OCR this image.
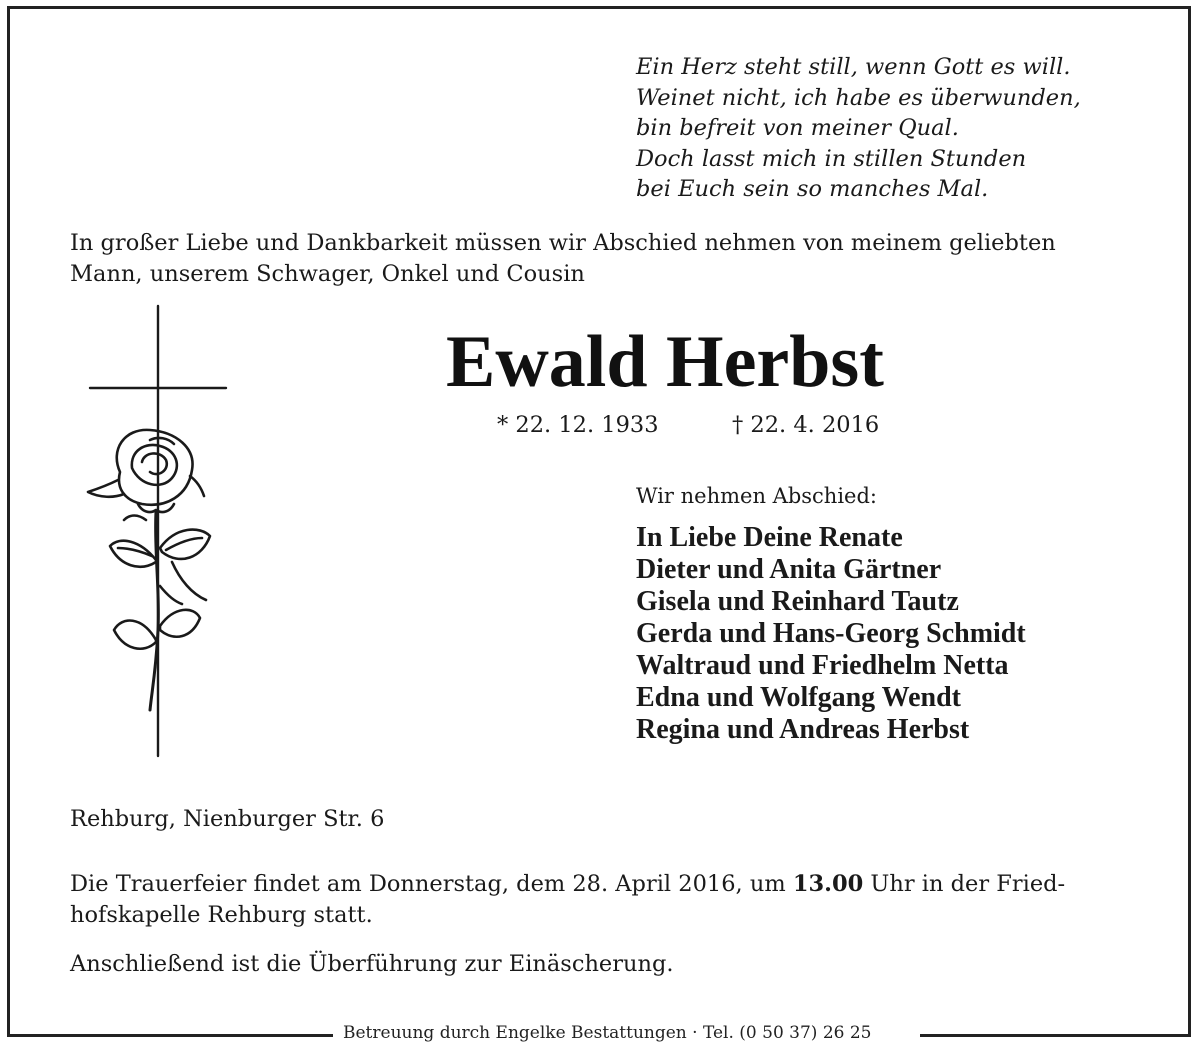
Ein Herz steht still, wenn Gott es will.
Weinet nicht, ich habe es überwunden,
bin befreit von meiner Qual.
Doch lasst mich in stillen Stunden
bei Euch sein so manches Mal.
In großer Liebe und Dankbarkeit müssen wir Abschied nehmen von meinem geliebten
Mann, unserem Schwager, Onkel und Cousin
Ewald Herbst
* 22. 12. 1933	† 22. 4. 2016
Wir nehmen Abschied:
In Liebe Deine Renate
Dieter und Anita Gärtner
Gisela und Reinhard Tautz
Gerda und Hans-Georg Schmidt
Waltraud und Friedhelm Netta
Edna und Wolfgang Wendt
Regina und Andreas Herbst
Rehburg, Nienburger Str. 6
Die Trauerfeier findet am Donnerstag, dem 28. April 2016, um 13.00 Uhr in der Fried-
hofskapelle Rehburg statt.
Anschließend ist die Überführung zur Einäscherung.
Betreuung durch Engelke Bestattungen · Tel. (0 50 37) 26 25
